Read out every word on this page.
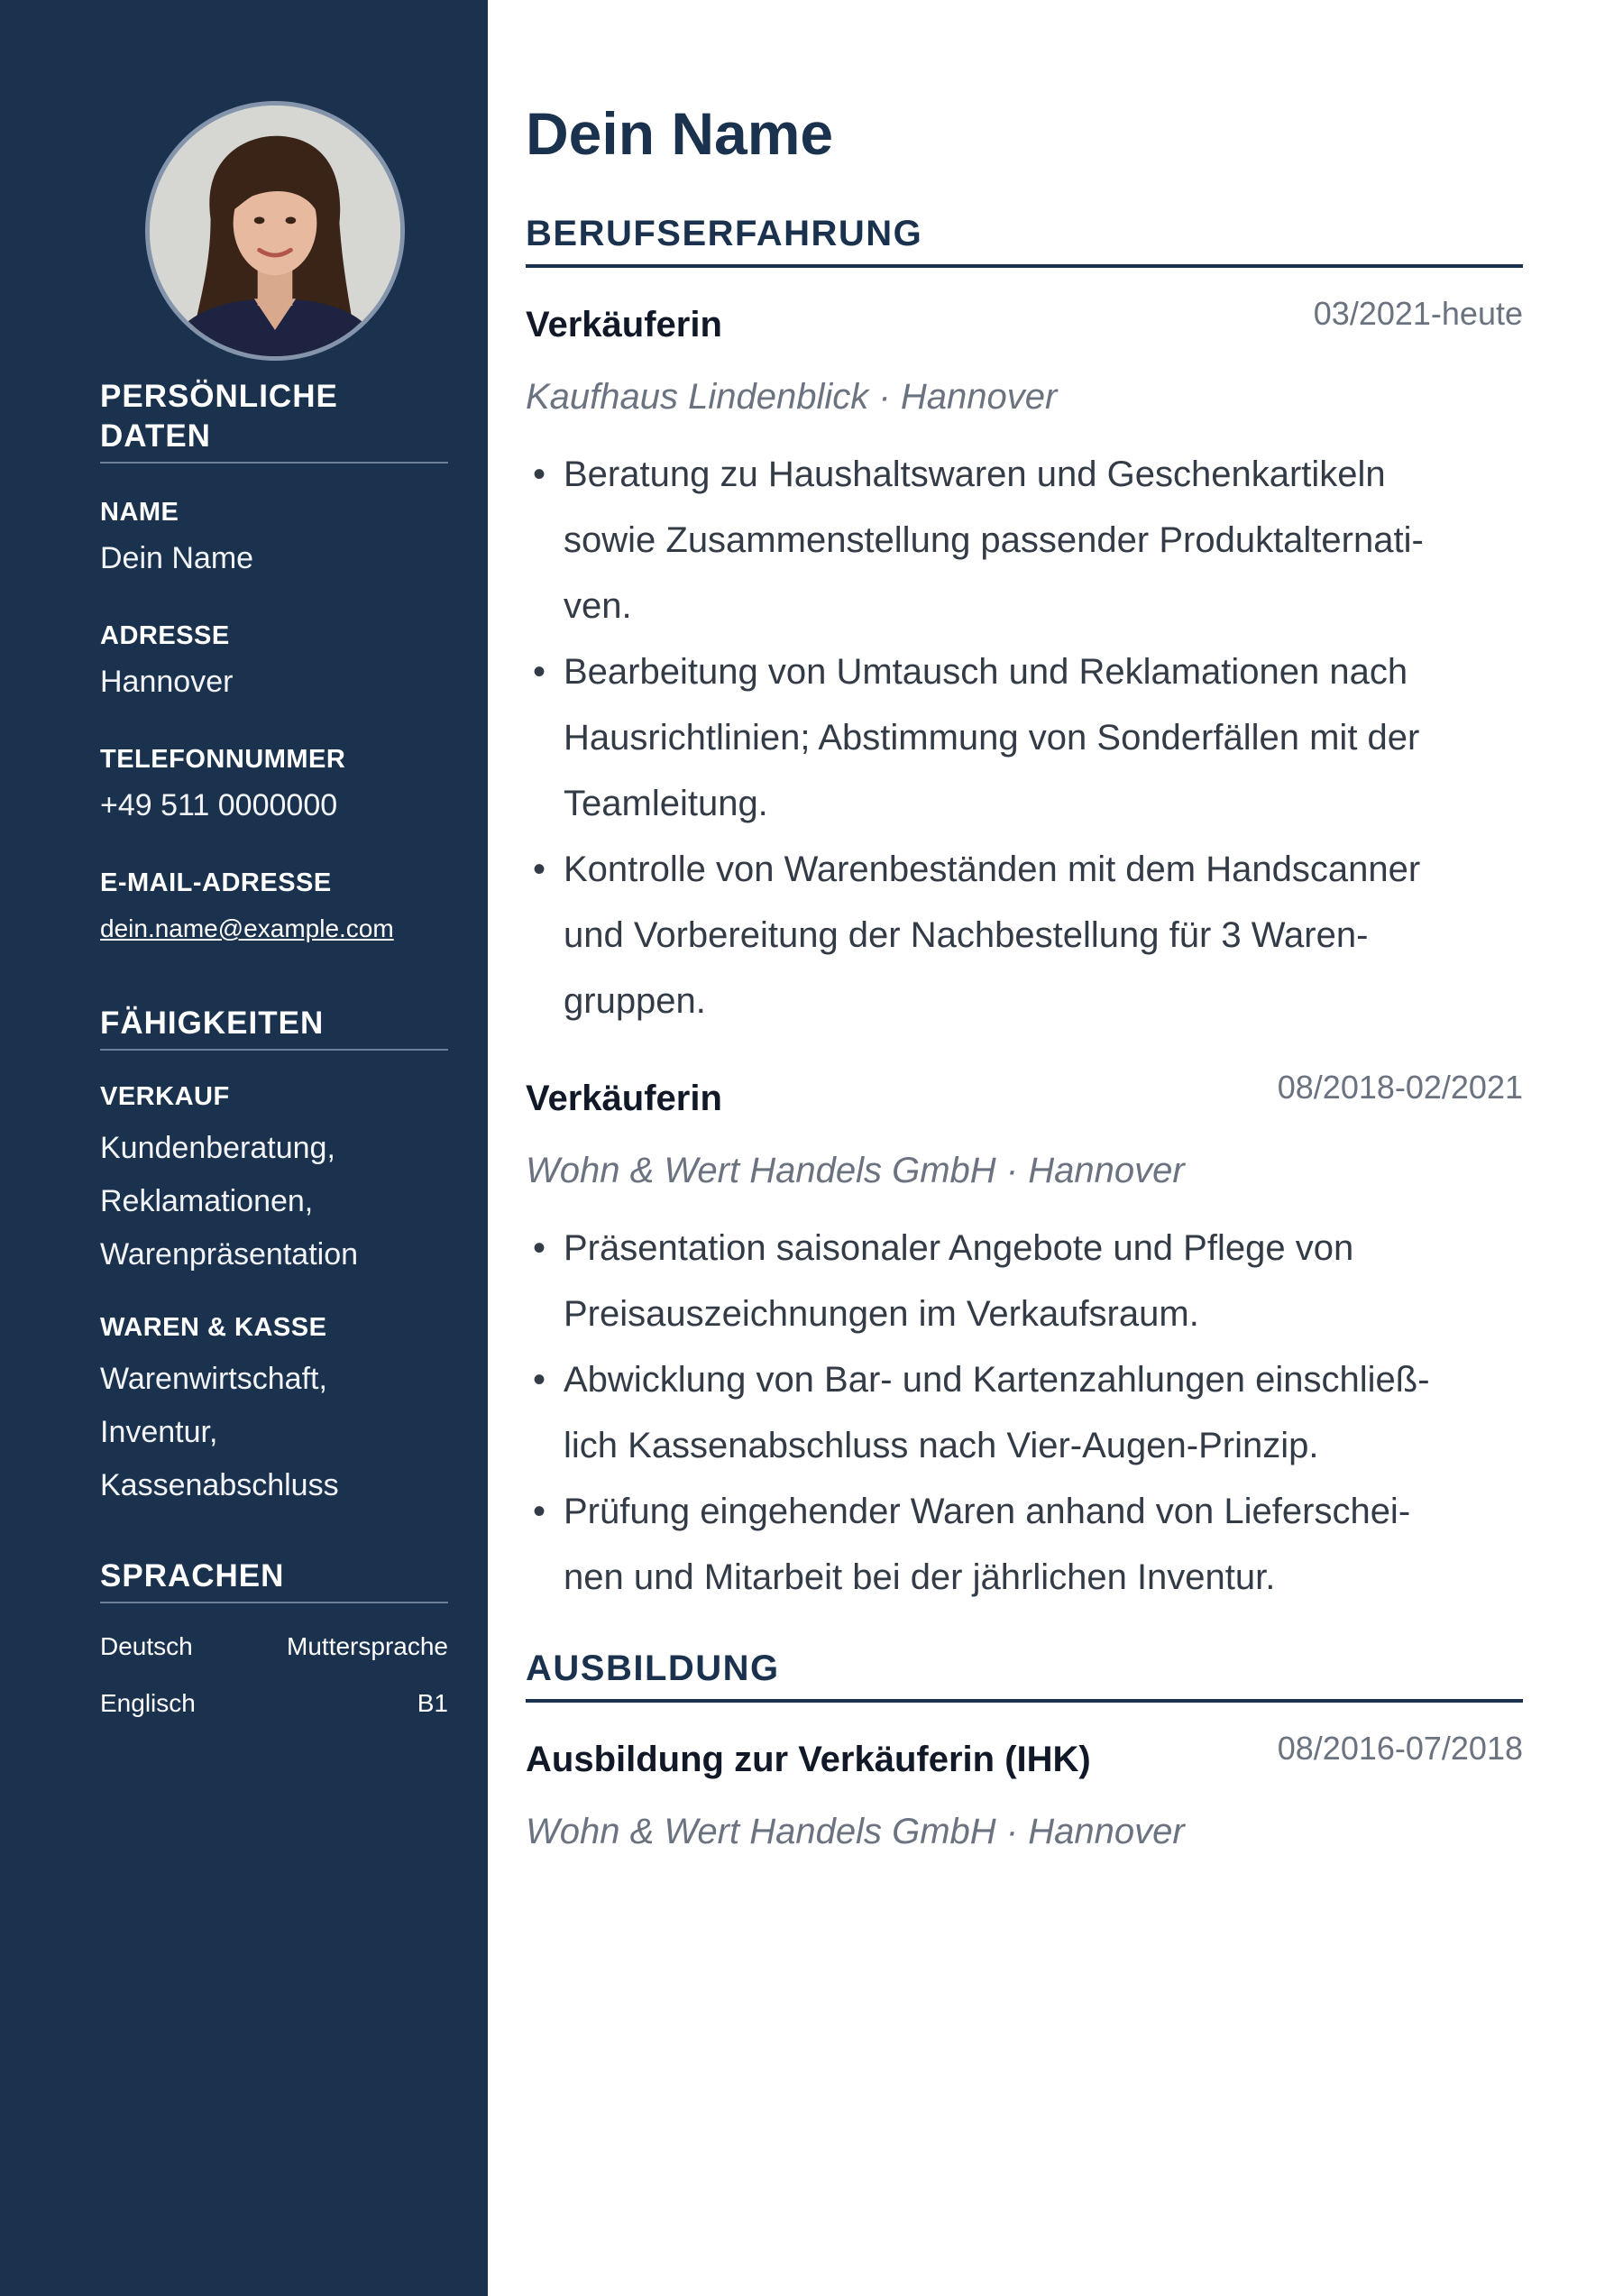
PERSÖNLICHE DATEN
NAME
Dein Name
ADRESSE
Hannover
TELEFONNUMMER
+49 511 0000000
E-MAIL-ADRESSE
dein.name@example.com
FÄHIGKEITEN
VERKAUF
Kundenberatung,
Reklamationen,
Warenpräsentation
WAREN & KASSE
Warenwirtschaft,
Inventur,
Kassenabschluss
SPRACHEN
Deutsch	Muttersprache
Englisch	B1
Dein Name
BERUFSERFAHRUNG
Verkäuferin	03/2021-heute
Kaufhaus Lindenblick · Hannover
• Beratung zu Haushaltswaren und Geschenkartikeln
sowie Zusammenstellung passender Produktalternati-
ven.
• Bearbeitung von Umtausch und Reklamationen nach
Hausrichtlinien; Abstimmung von Sonderfällen mit der
Teamleitung.
• Kontrolle von Warenbeständen mit dem Handscanner
und Vorbereitung der Nachbestellung für 3 Waren-
gruppen.
Verkäuferin	08/2018-02/2021
Wohn & Wert Handels GmbH · Hannover
• Präsentation saisonaler Angebote und Pflege von
Preisauszeichnungen im Verkaufsraum.
• Abwicklung von Bar- und Kartenzahlungen einschließ-
lich Kassenabschluss nach Vier-Augen-Prinzip.
• Prüfung eingehender Waren anhand von Lieferschei-
nen und Mitarbeit bei der jährlichen Inventur.
AUSBILDUNG
Ausbildung zur Verkäuferin (IHK)	08/2016-07/2018
Wohn & Wert Handels GmbH · Hannover
